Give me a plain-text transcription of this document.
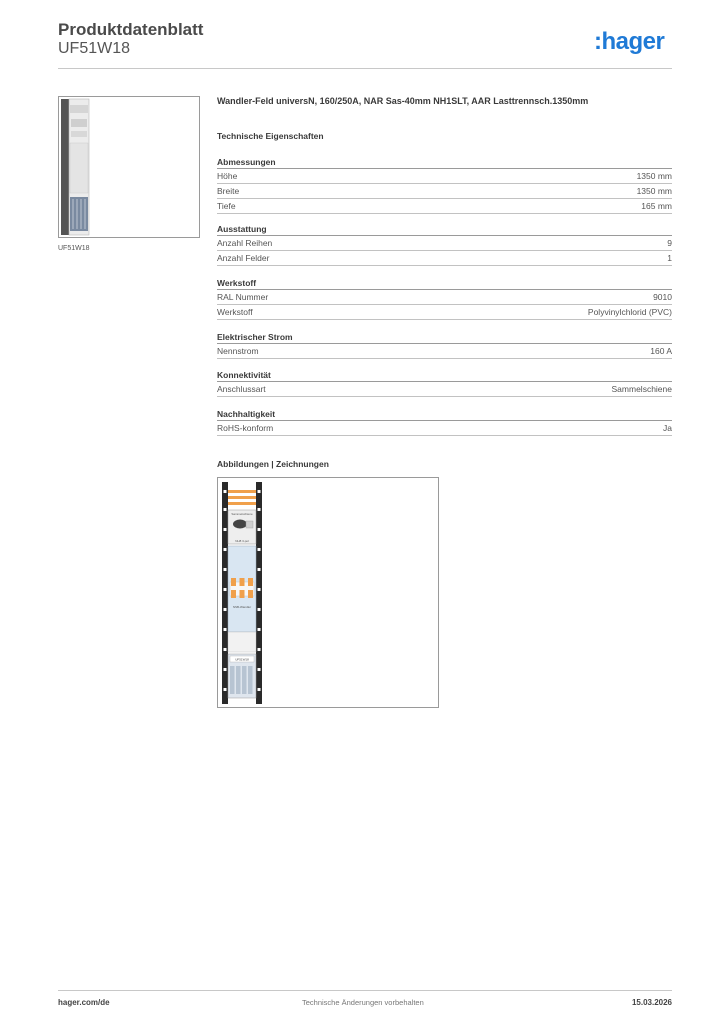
Produktdatenblatt
UF51W18	:hager
UF51W18
Wandler-Feld universN, 160/250A, NAR Sas-40mm NH1SLT, AAR Lasttrennsch.1350mm
Technische Eigenschaften
Abmessungen
Höhe	1350 mm
Breite	1350 mm
Tiefe	165 mm
Ausstattung
Anzahl Reihen	9
Anzahl Felder	1
Werkstoff
RAL Nummer	9010
Werkstoff	Polyvinylchlorid (PVC)
Elektrischer Strom
Nennstrom	160 A
Konnektivität
Anschlussart	Sammelschiene
Nachhaltigkeit
RoHS-konform	Ja
Abbildungen | Zeichnungen
Sammelschiene
NH8 3-pol
NSB-Wandler
UF51W18
hager.com/de	Technische Änderungen vorbehalten	15.03.2026
